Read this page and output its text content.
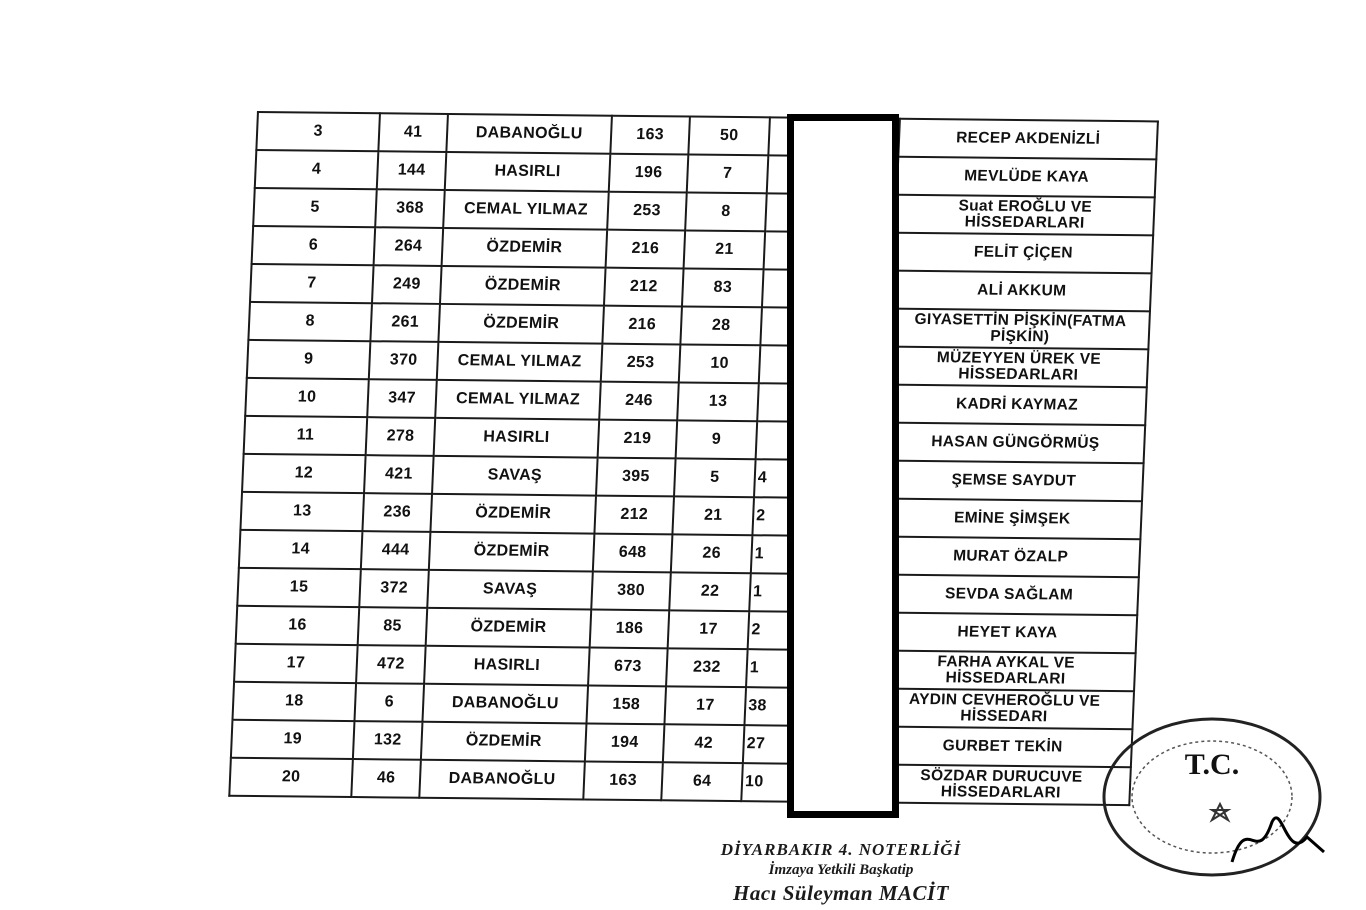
3	41	DABANOĞLU	163	50		RECEP AKDENİZLİ
4	144	HASIRLI	196	7		MEVLÜDE KAYA
5	368	CEMAL YILMAZ	253	8		Suat EROĞLU VE HİSSEDARLARI
6	264	ÖZDEMİR	216	21		FELİT ÇİÇEN
7	249	ÖZDEMİR	212	83		ALİ AKKUM
8	261	ÖZDEMİR	216	28		GIYASETTİN PİŞKİN(FATMA PİŞKİN)
9	370	CEMAL YILMAZ	253	10		MÜZEYYEN ÜREK VE HİSSEDARLARI
10	347	CEMAL YILMAZ	246	13		KADRİ KAYMAZ
11	278	HASIRLI	219	9		HASAN GÜNGÖRMÜŞ
12	421	SAVAŞ	395	5	4	ŞEMSE SAYDUT
13	236	ÖZDEMİR	212	21	2	EMİNE ŞİMŞEK
14	444	ÖZDEMİR	648	26	1	MURAT ÖZALP
15	372	SAVAŞ	380	22	1	SEVDA SAĞLAM
16	85	ÖZDEMİR	186	17	2	HEYET KAYA
17	472	HASIRLI	673	232	1	FARHA AYKAL VE HİSSEDARLARI
18	6	DABANOĞLU	158	17	38	AYDIN CEVHEROĞLU VE HİSSEDARI
19	132	ÖZDEMİR	194	42	27	GURBET TEKİN
20	46	DABANOĞLU	163	64	10	SÖZDAR DURUCUVE HİSSEDARLARI
DİYARBAKIR 4. NOTERLİĞİ
İmzaya Yetkili Başkatip
Hacı Süleyman MACİT
T.C.
